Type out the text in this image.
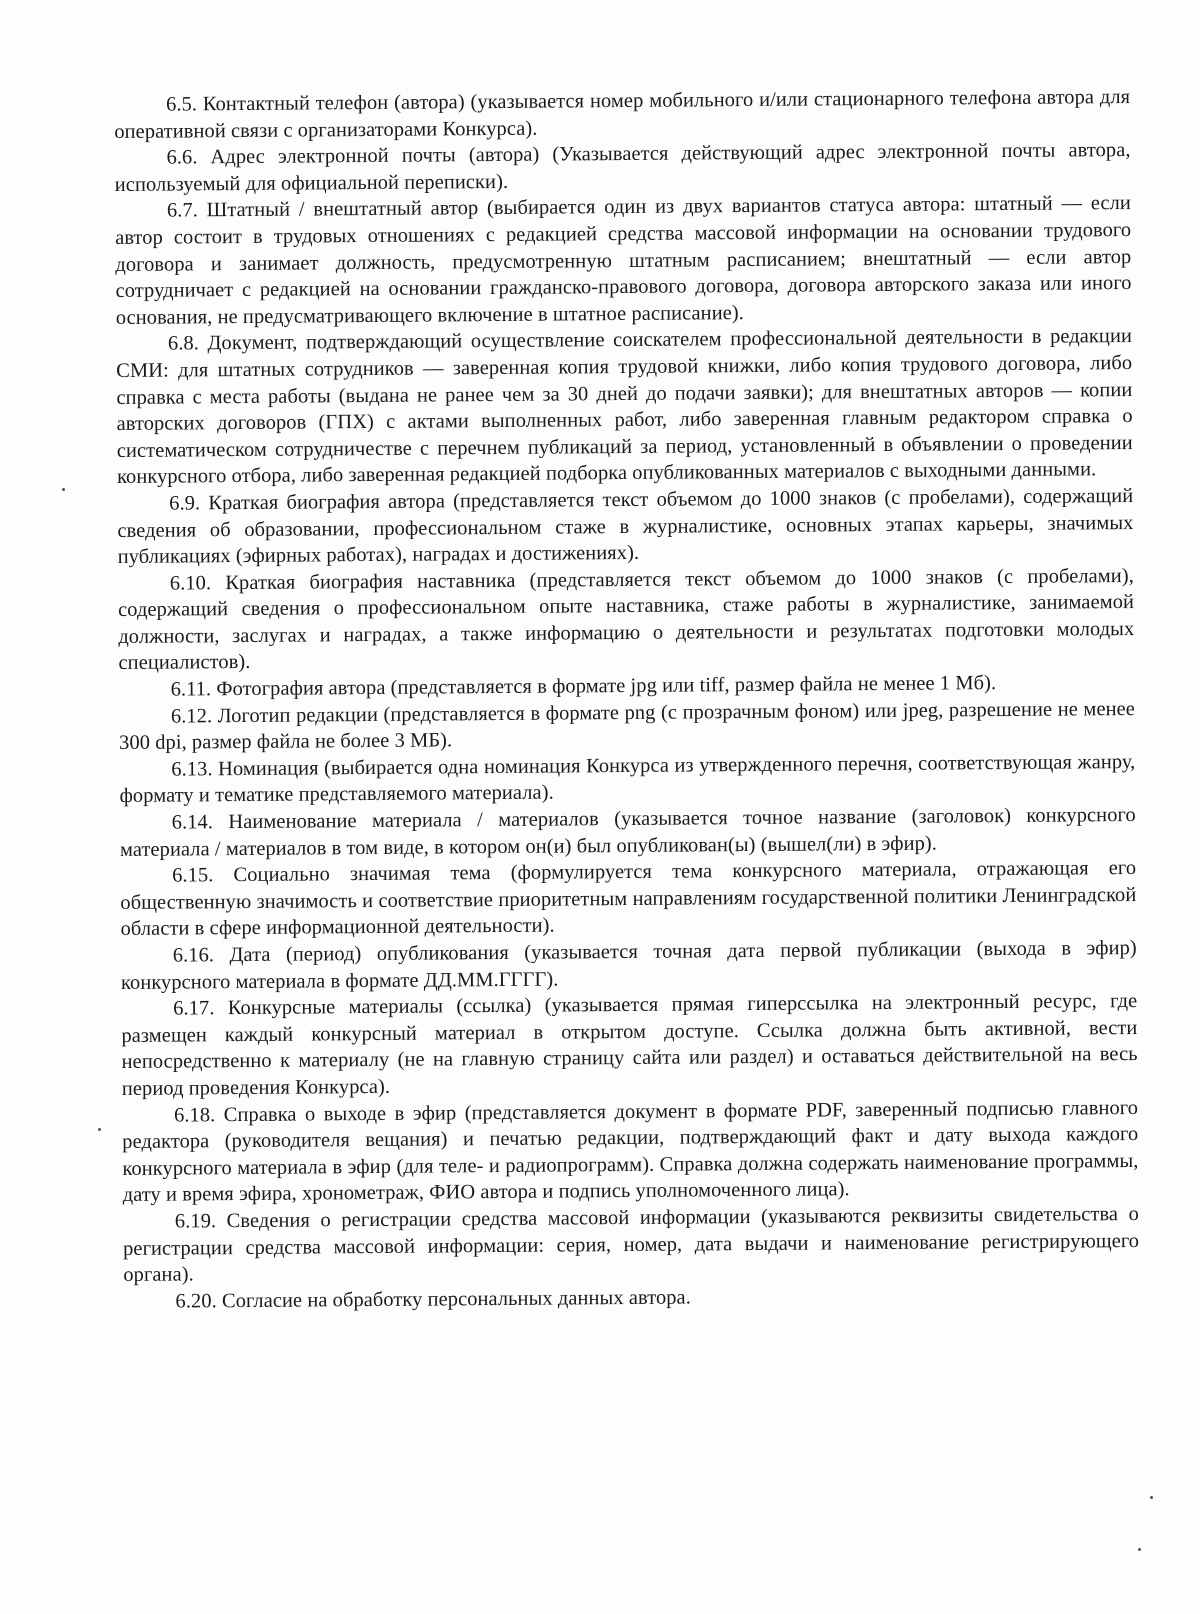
6.5. Контактный телефон (автора) (указывается номер мобильного и/или стационарного телефона автора для оперативной связи с организаторами Конкурса).

6.6. Адрес электронной почты (автора) (Указывается действующий адрес электронной почты автора, используемый для официальной переписки).

6.7. Штатный / внештатный автор (выбирается один из двух вариантов статуса автора: штатный — если автор состоит в трудовых отношениях с редакцией средства массовой информации на основании трудового договора и занимает должность, предусмотренную штатным расписанием; внештатный — если автор сотрудничает с редакцией на основании гражданско-правового договора, договора авторского заказа или иного основания, не предусматривающего включение в штатное расписание).

6.8. Документ, подтверждающий осуществление соискателем профессиональной деятельности в редакции СМИ: для штатных сотрудников — заверенная копия трудовой книжки, либо копия трудового договора, либо справка с места работы (выдана не ранее чем за 30 дней до подачи заявки); для внештатных авторов — копии авторских договоров (ГПХ) с актами выполненных работ, либо заверенная главным редактором справка о систематическом сотрудничестве с перечнем публикаций за период, установленный в объявлении о проведении конкурсного отбора, либо заверенная редакцией подборка опубликованных материалов с выходными данными.

6.9. Краткая биография автора (представляется текст объемом до 1000 знаков (с пробелами), содержащий сведения об образовании, профессиональном стаже в журналистике, основных этапах карьеры, значимых публикациях (эфирных работах), наградах и достижениях).

6.10. Краткая биография наставника (представляется текст объемом до 1000 знаков (с пробелами), содержащий сведения о профессиональном опыте наставника, стаже работы в журналистике, занимаемой должности, заслугах и наградах, а также информацию о деятельности и результатах подготовки молодых специалистов).

6.11. Фотография автора (представляется в формате jpg или tiff, размер файла не менее 1 Мб).

6.12. Логотип редакции (представляется в формате png (с прозрачным фоном) или jpeg, разрешение не менее 300 dpi, размер файла не более 3 МБ).

6.13. Номинация (выбирается одна номинация Конкурса из утвержденного перечня, соответствующая жанру, формату и тематике представляемого материала).

6.14. Наименование материала / материалов (указывается точное название (заголовок) конкурсного материала / материалов в том виде, в котором он(и) был опубликован(ы) (вышел(ли) в эфир).

6.15. Социально значимая тема (формулируется тема конкурсного материала, отражающая его общественную значимость и соответствие приоритетным направлениям государственной политики Ленинградской области в сфере информационной деятельности).

6.16. Дата (период) опубликования (указывается точная дата первой публикации (выхода в эфир) конкурсного материала в формате ДД.ММ.ГГГГ).

6.17. Конкурсные материалы (ссылка) (указывается прямая гиперссылка на электронный ресурс, где размещен каждый конкурсный материал в открытом доступе. Ссылка должна быть активной, вести непосредственно к материалу (не на главную страницу сайта или раздел) и оставаться действительной на весь период проведения Конкурса).

6.18. Справка о выходе в эфир (представляется документ в формате PDF, заверенный подписью главного редактора (руководителя вещания) и печатью редакции, подтверждающий факт и дату выхода каждого конкурсного материала в эфир (для теле- и радиопрограмм). Справка должна содержать наименование программы, дату и время эфира, хронометраж, ФИО автора и подпись уполномоченного лица).

6.19. Сведения о регистрации средства массовой информации (указываются реквизиты свидетельства о регистрации средства массовой информации: серия, номер, дата выдачи и наименование регистрирующего органа).

6.20. Согласие на обработку персональных данных автора.
